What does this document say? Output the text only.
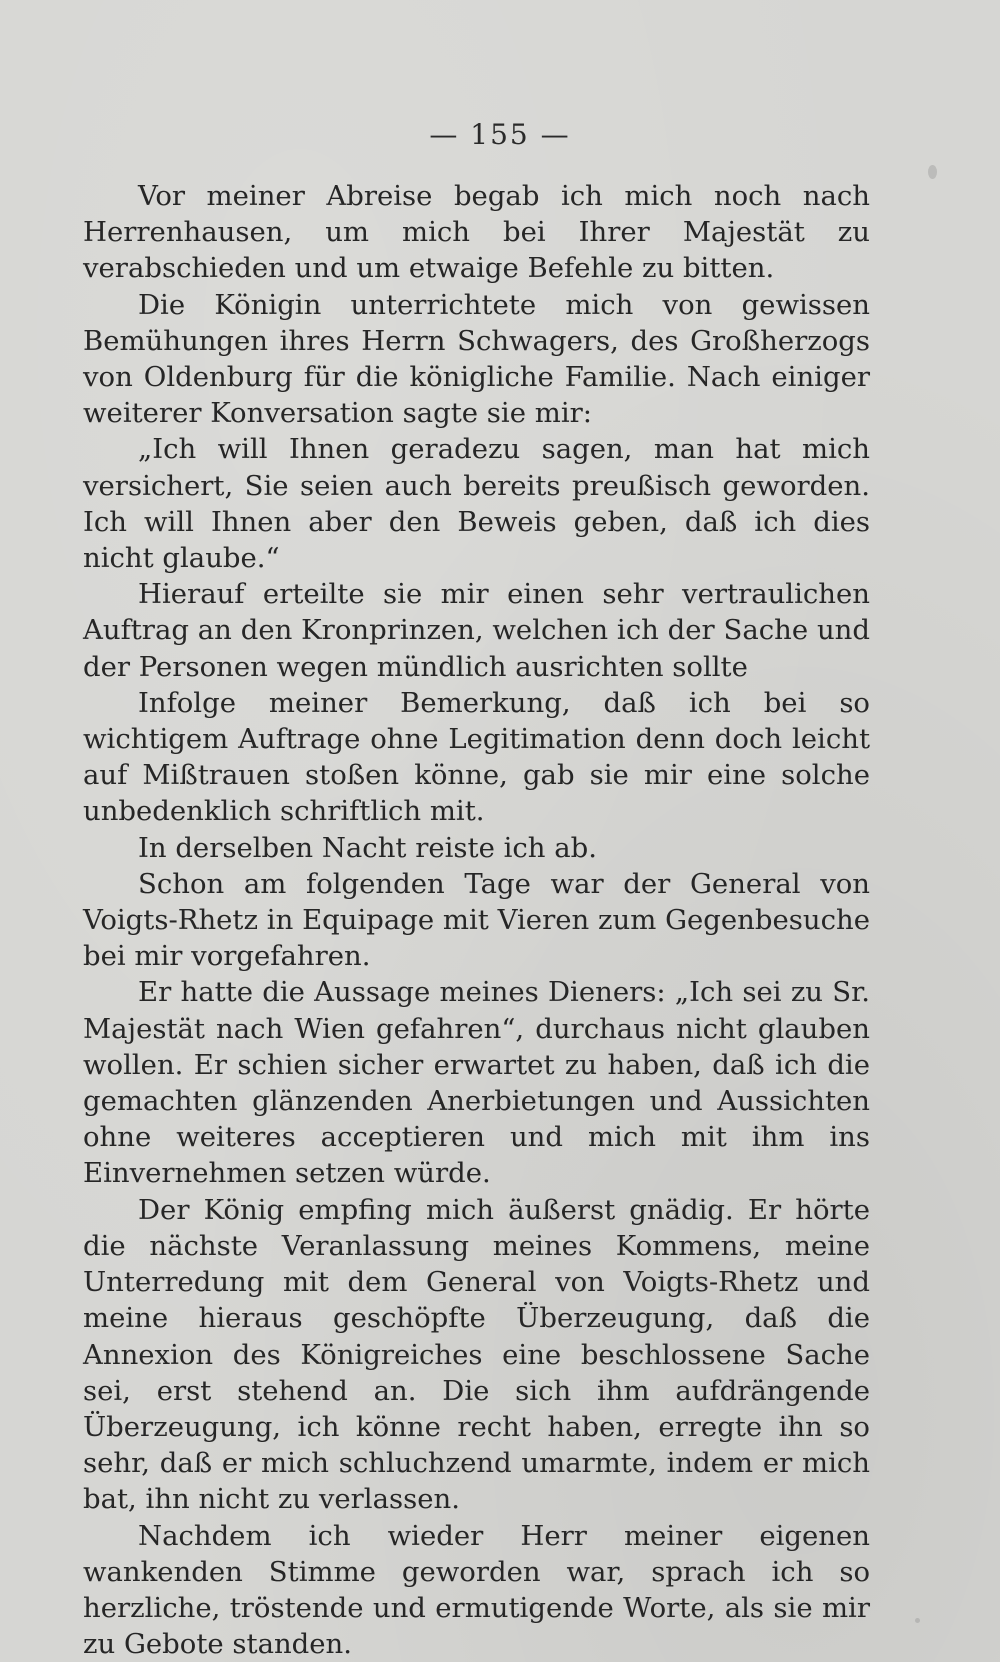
— 155 —

Vor meiner Abreise begab ich mich noch nach Herrenhausen, um mich bei Ihrer Majestät zu verabschieden und um etwaige Befehle zu bitten.

Die Königin unterrichtete mich von gewissen Bemühungen ihres Herrn Schwagers, des Großherzogs von Oldenburg für die königliche Familie. Nach einiger weiterer Konversation sagte sie mir:

„Ich will Ihnen geradezu sagen, man hat mich versichert, Sie seien auch bereits preußisch geworden. Ich will Ihnen aber den Beweis geben, daß ich dies nicht glaube.“

Hierauf erteilte sie mir einen sehr vertraulichen Auftrag an den Kronprinzen, welchen ich der Sache und der Personen wegen mündlich ausrichten sollte

Infolge meiner Bemerkung, daß ich bei so wichtigem Auftrage ohne Legitimation denn doch leicht auf Mißtrauen stoßen könne, gab sie mir eine solche unbedenklich schriftlich mit.

In derselben Nacht reiste ich ab.

Schon am folgenden Tage war der General von Voigts-Rhetz in Equipage mit Vieren zum Gegenbesuche bei mir vorgefahren.

Er hatte die Aussage meines Dieners: „Ich sei zu Sr. Majestät nach Wien gefahren“, durchaus nicht glauben wollen. Er schien sicher erwartet zu haben, daß ich die gemachten glänzenden Anerbietungen und Aussichten ohne weiteres acceptieren und mich mit ihm ins Einvernehmen setzen würde.

Der König empfing mich äußerst gnädig. Er hörte die nächste Veranlassung meines Kommens, meine Unterredung mit dem General von Voigts-Rhetz und meine hieraus geschöpfte Überzeugung, daß die Annexion des Königreiches eine beschlossene Sache sei, erst stehend an. Die sich ihm aufdrängende Überzeugung, ich könne recht haben, erregte ihn so sehr, daß er mich schluchzend umarmte, indem er mich bat, ihn nicht zu verlassen.

Nachdem ich wieder Herr meiner eigenen wankenden Stimme geworden war, sprach ich so herzliche, tröstende und ermutigende Worte, als sie mir zu Gebote standen.
